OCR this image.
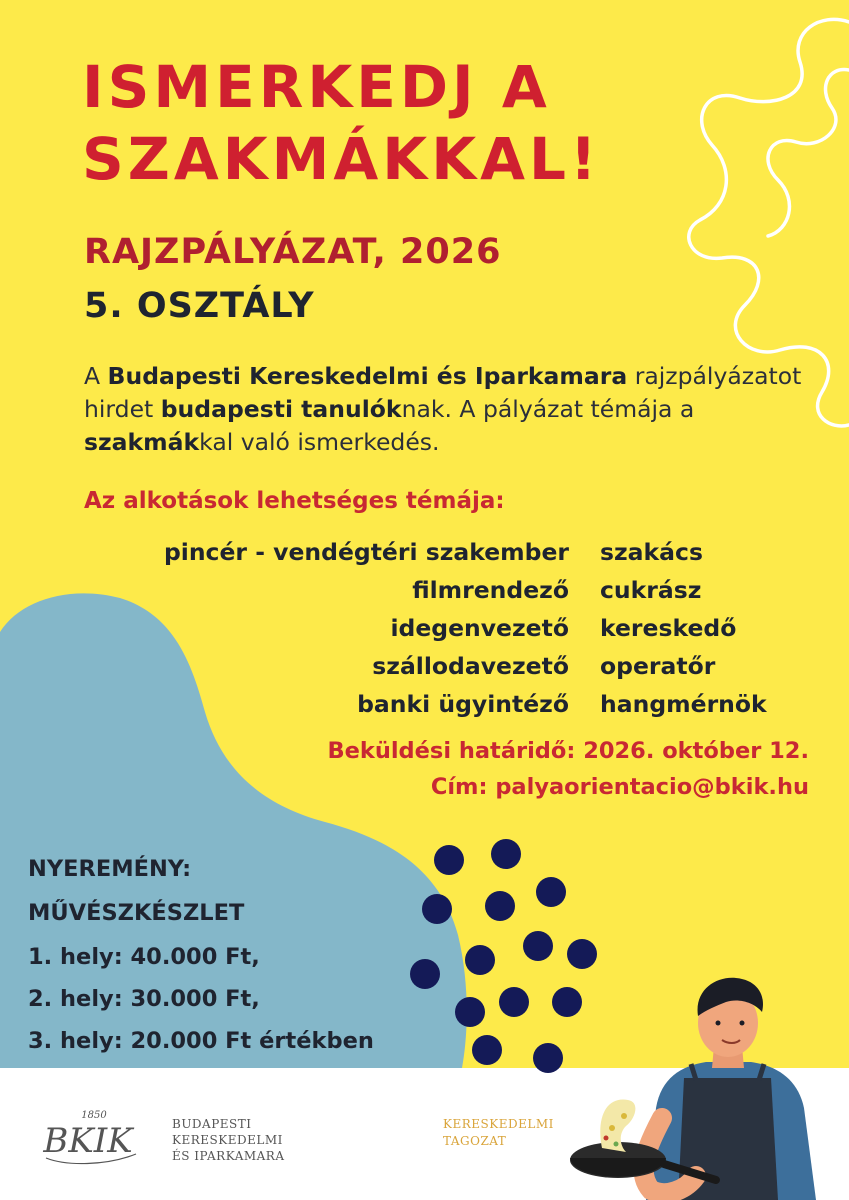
ISMERKEDJ A
SZAKMÁKKAL!
RAJZPÁLYÁZAT, 2026
5. OSZTÁLY

A Budapesti Kereskedelmi és Iparkamara rajzpályázatot hirdet budapesti tanulóknak. A pályázat témája a szakmákkal való ismerkedés.

Az alkotások lehetséges témája:
pincér - vendégtéri szakember
filmrendező
idegenvezető
szállodavezető
banki ügyintéző
szakács
cukrász
kereskedő
operatőr
hangmérnök
Beküldési határidő: 2026. október 12.
Cím: palyaorientacio@bkik.hu
NYEREMÉNY:
MŰVÉSZKÉSZLET
1. hely: 40.000 Ft,
2. hely: 30.000 Ft,
3. hely: 20.000 Ft értékben
1850
BKIK	BUDAPESTI
KERESKEDELMI
ÉS IPARKAMARA
KERESKEDELMI
TAGOZAT
